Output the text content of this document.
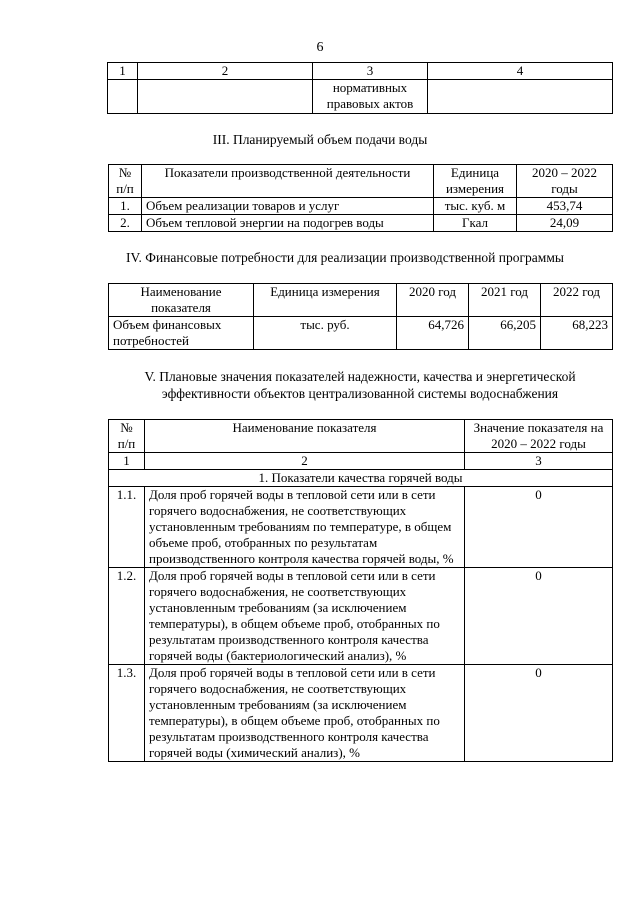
6
1	2	3	4
		нормативных правовых актов	
III. Планируемый объем подачи воды
№ п/п	Показатели производственной деятельности	Единица измерения	2020 – 2022 годы
1.	Объем реализации товаров и услуг	тыс. куб. м	453,74
2.	Объем тепловой энергии на подогрев воды	Гкал	24,09
IV. Финансовые потребности для реализации производственной программы
Наименование показателя	Единица измерения	2020 год	2021 год	2022 год
Объем финансовых потребностей	тыс. руб.	64,726	66,205	68,223
V. Плановые значения показателей надежности, качества и энергетической
эффективности объектов централизованной системы водоснабжения
№ п/п	Наименование показателя	Значение показателя на 2020 – 2022 годы
1	2	3
1. Показатели качества горячей воды		
1.1.	Доля проб горячей воды в тепловой сети или в сети горячего водоснабжения, не соответствующих установленным требованиям по температуре, в общем объеме проб, отобранных по результатам производственного контроля качества горячей воды, %	0
1.2.	Доля проб горячей воды в тепловой сети или в сети горячего водоснабжения, не соответствующих установленным требованиям (за исключением температуры), в общем объеме проб, отобранных по результатам производственного контроля качества горячей воды (бактериологический анализ), %	0
1.3.	Доля проб горячей воды в тепловой сети или в сети горячего водоснабжения, не соответствующих установленным требованиям (за исключением температуры), в общем объеме проб, отобранных по результатам производственного контроля качества горячей воды (химический анализ), %	0
